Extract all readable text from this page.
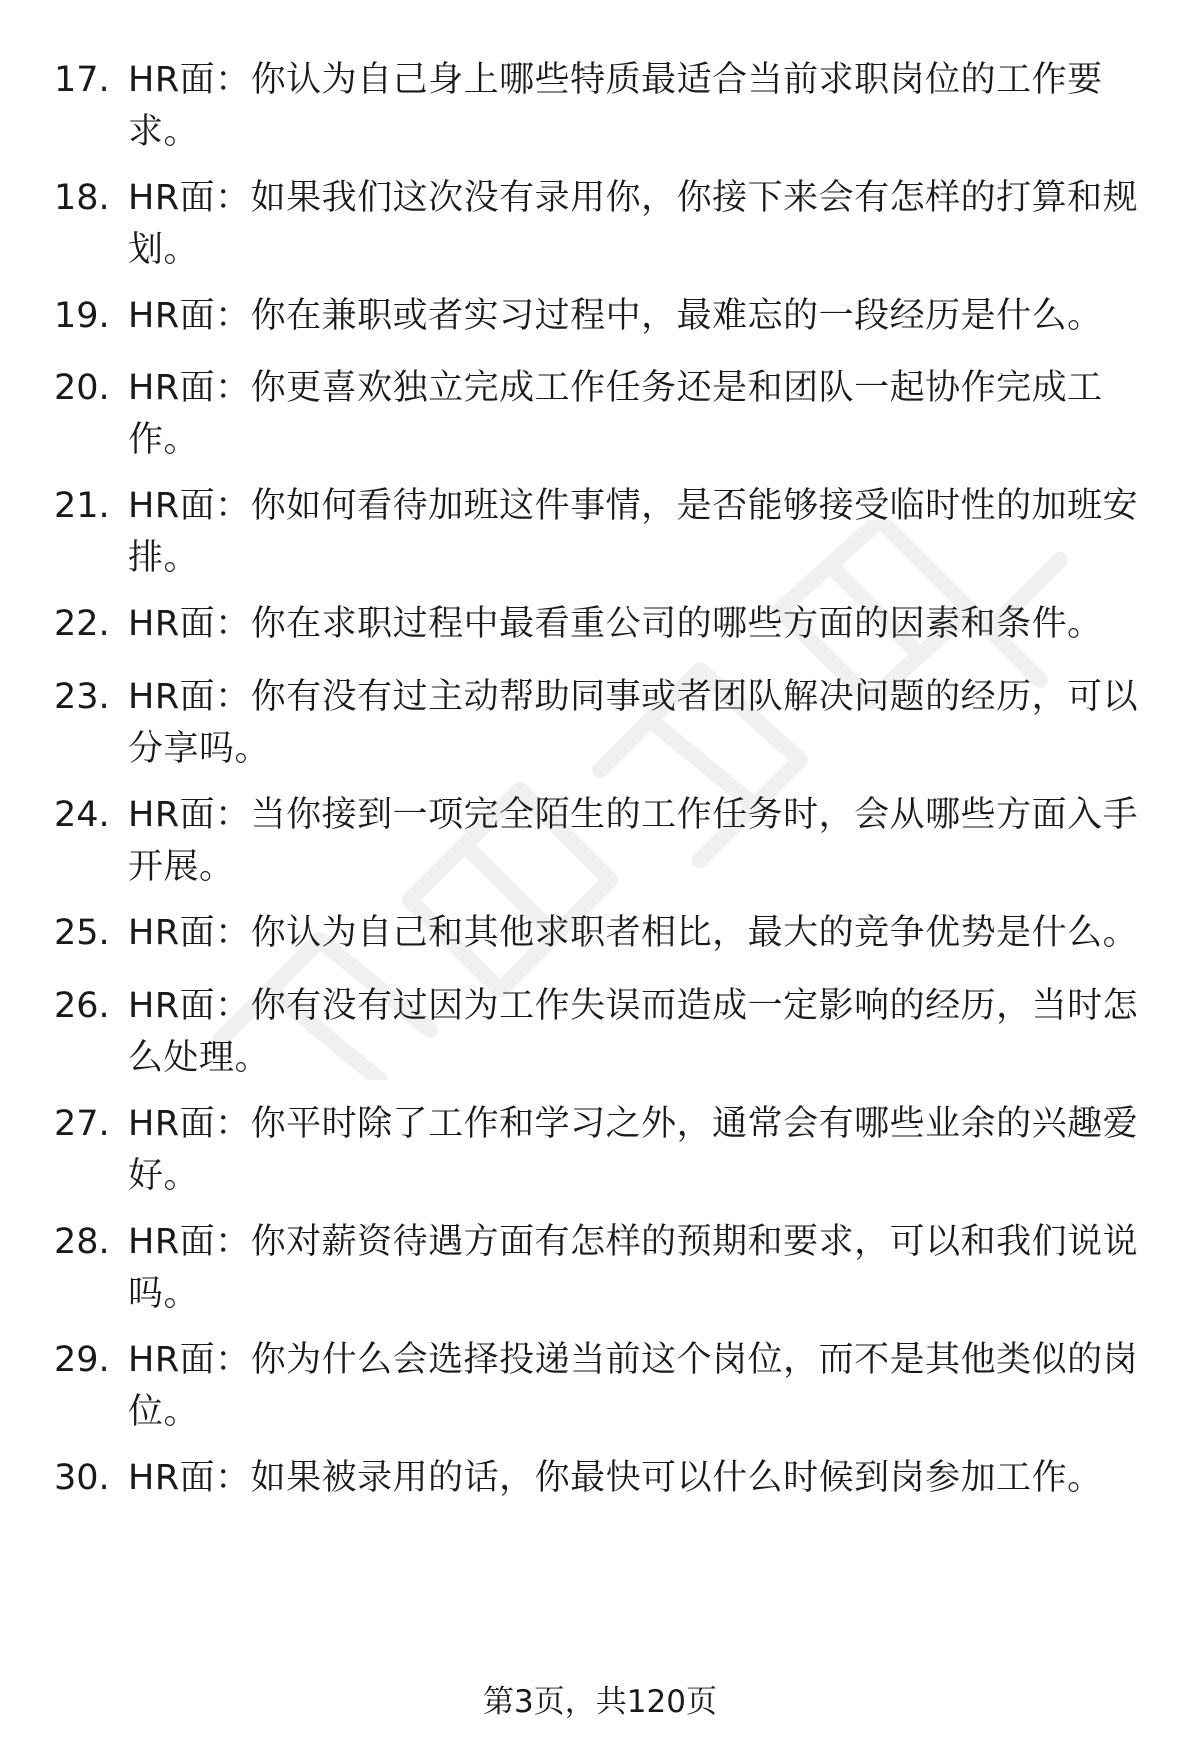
17. HR面：你认为自己身上哪些特质最适合当前求职岗位的工作要求。
18. HR面：如果我们这次没有录用你，你接下来会有怎样的打算和规划。
19. HR面：你在兼职或者实习过程中，最难忘的一段经历是什么。
20. HR面：你更喜欢独立完成工作任务还是和团队一起协作完成工作。
21. HR面：你如何看待加班这件事情，是否能够接受临时性的加班安排。
22. HR面：你在求职过程中最看重公司的哪些方面的因素和条件。
23. HR面：你有没有过主动帮助同事或者团队解决问题的经历，可以分享吗。
24. HR面：当你接到一项完全陌生的工作任务时，会从哪些方面入手开展。
25. HR面：你认为自己和其他求职者相比，最大的竞争优势是什么。
26. HR面：你有没有过因为工作失误而造成一定影响的经历，当时怎么处理。
27. HR面：你平时除了工作和学习之外，通常会有哪些业余的兴趣爱好。
28. HR面：你对薪资待遇方面有怎样的预期和要求，可以和我们说说吗。
29. HR面：你为什么会选择投递当前这个岗位，而不是其他类似的岗位。
30. HR面：如果被录用的话，你最快可以什么时候到岗参加工作。
第3页，共120页
